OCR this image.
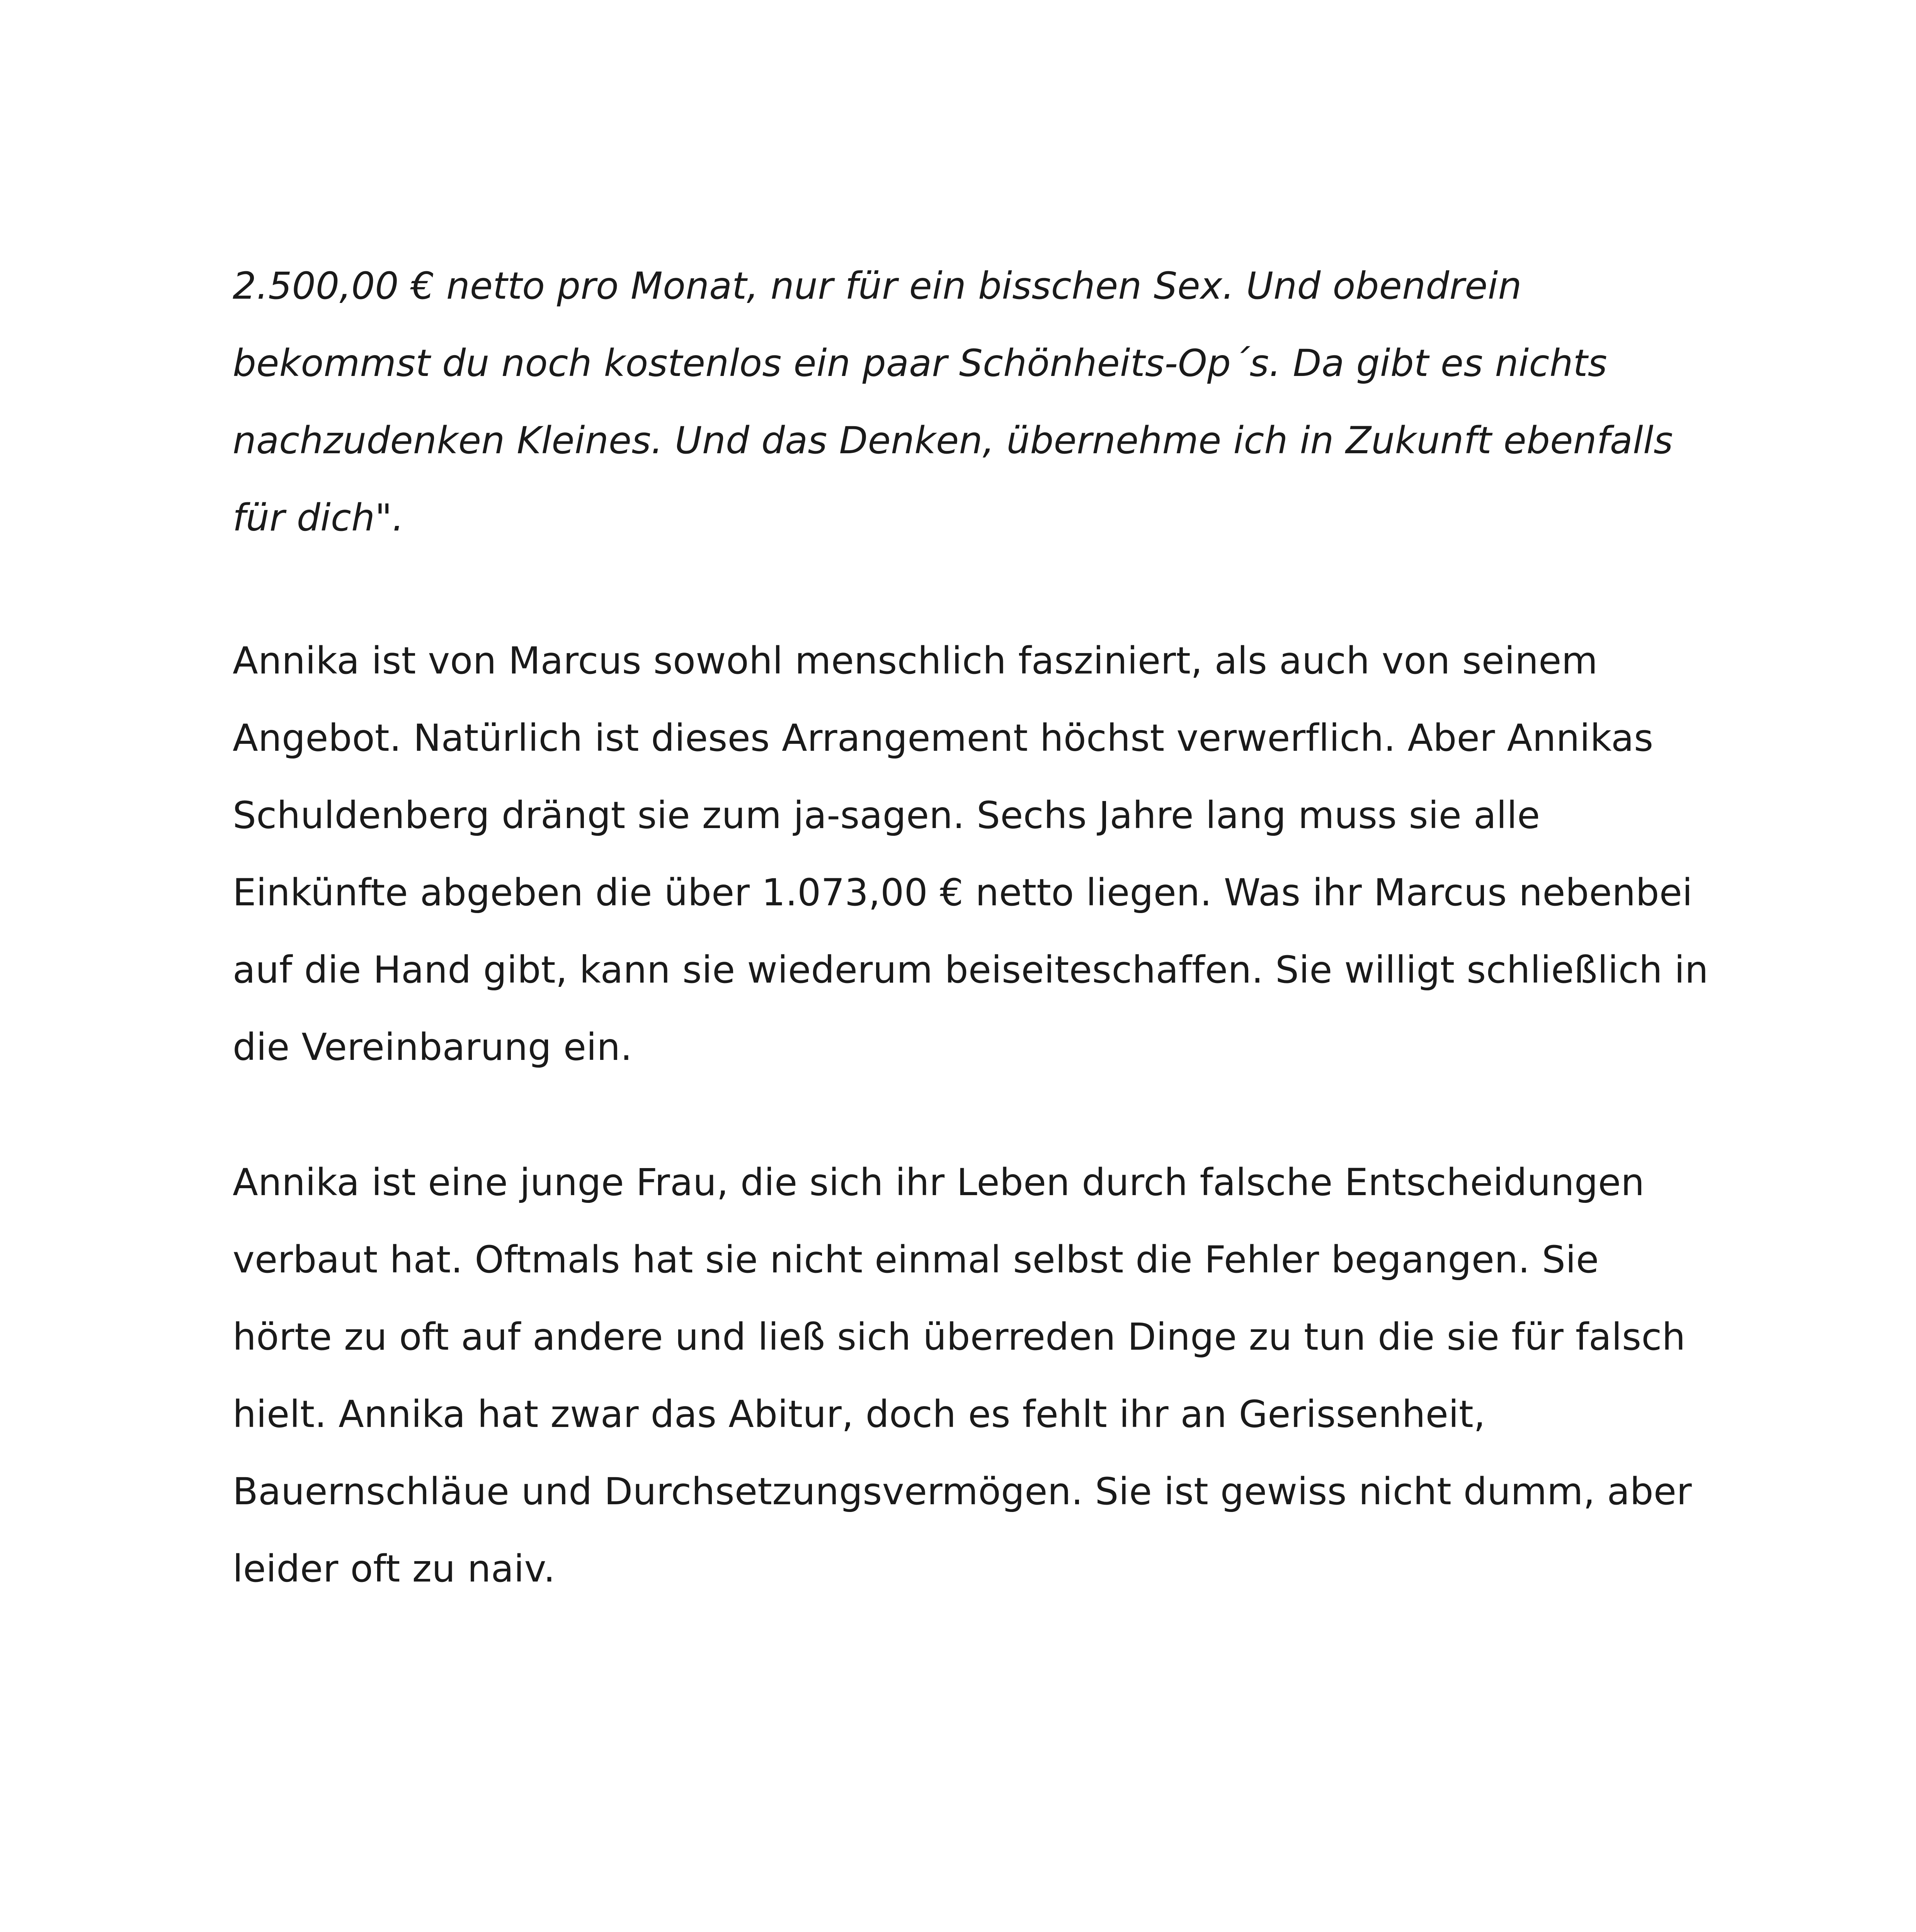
2.500,00 € netto pro Monat, nur für ein bisschen Sex. Und obendrein
bekommst du noch kostenlos ein paar Schönheits-Op´s. Da gibt es nichts
nachzudenken Kleines. Und das Denken, übernehme ich in Zukunft ebenfalls
für dich".
Annika ist von Marcus sowohl menschlich fasziniert, als auch von seinem
Angebot. Natürlich ist dieses Arrangement höchst verwerflich. Aber Annikas
Schuldenberg drängt sie zum ja-sagen. Sechs Jahre lang muss sie alle
Einkünfte abgeben die über 1.073,00 € netto liegen. Was ihr Marcus nebenbei
auf die Hand gibt, kann sie wiederum beiseiteschaffen. Sie willigt schließlich in
die Vereinbarung ein.
Annika ist eine junge Frau, die sich ihr Leben durch falsche Entscheidungen
verbaut hat. Oftmals hat sie nicht einmal selbst die Fehler begangen. Sie
hörte zu oft auf andere und ließ sich überreden Dinge zu tun die sie für falsch
hielt. Annika hat zwar das Abitur, doch es fehlt ihr an Gerissenheit,
Bauernschläue und Durchsetzungsvermögen. Sie ist gewiss nicht dumm, aber
leider oft zu naiv.
